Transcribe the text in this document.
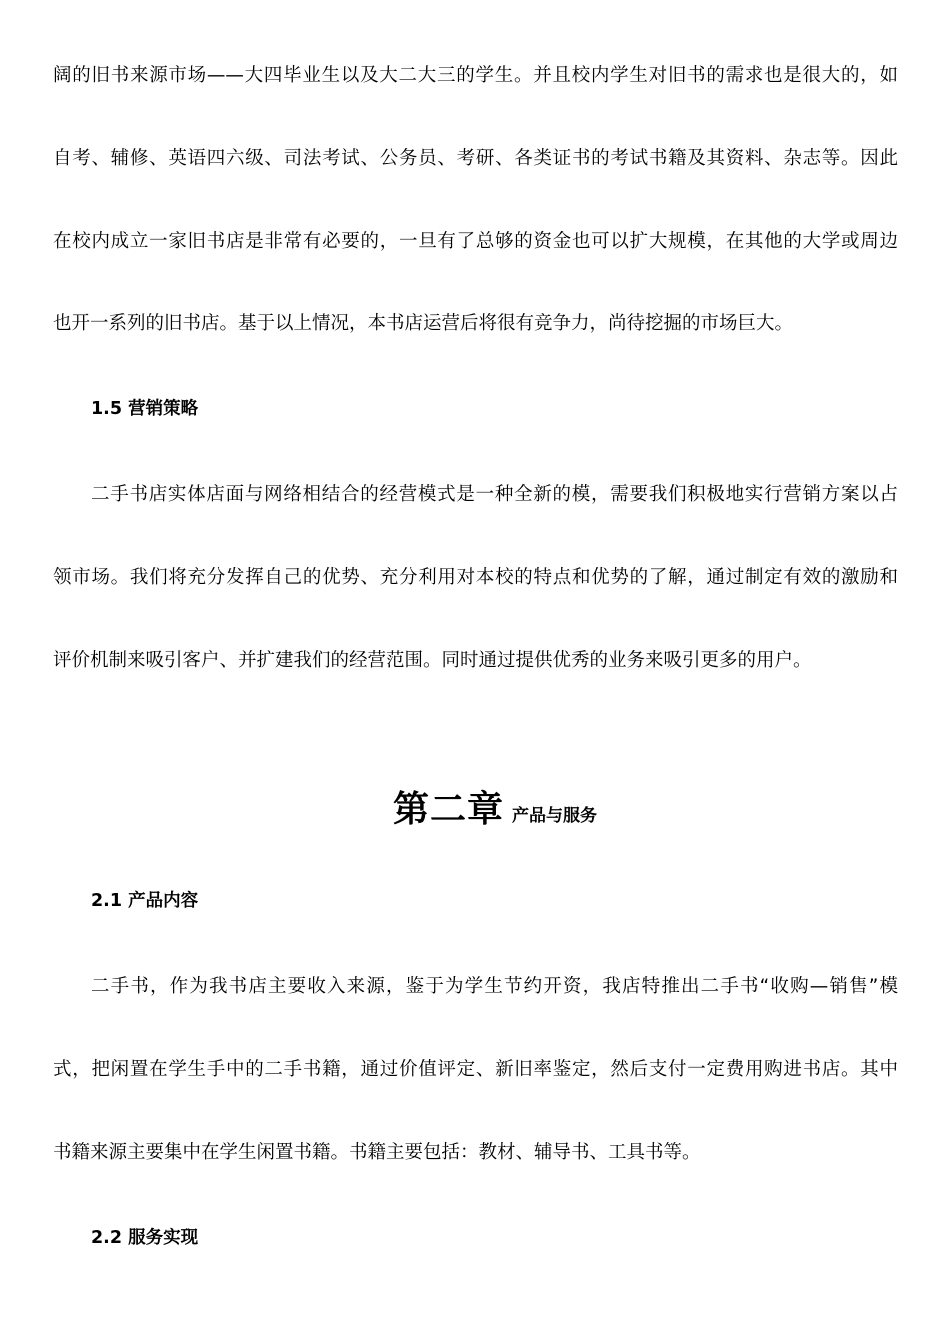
阔的旧书来源市场——大四毕业生以及大二大三的学生。并且校内学生对旧书的需求也是很大的，如
自考、辅修、英语四六级、司法考试、公务员、考研、各类证书的考试书籍及其资料、杂志等。因此
在校内成立一家旧书店是非常有必要的，一旦有了总够的资金也可以扩大规模，在其他的大学或周边
也开一系列的旧书店。基于以上情况，本书店运营后将很有竞争力，尚待挖掘的市场巨大。
1.5 营销策略
二手书店实体店面与网络相结合的经营模式是一种全新的模，需要我们积极地实行营销方案以占
领市场。我们将充分发挥自己的优势、充分利用对本校的特点和优势的了解，通过制定有效的激励和
评价机制来吸引客户、并扩建我们的经营范围。同时通过提供优秀的业务来吸引更多的用户。
第二章 产品与服务
2.1 产品内容
二手书，作为我书店主要收入来源，鉴于为学生节约开资，我店特推出二手书“收购—销售”模
式，把闲置在学生手中的二手书籍，通过价值评定、新旧率鉴定，然后支付一定费用购进书店。其中
书籍来源主要集中在学生闲置书籍。书籍主要包括：教材、辅导书、工具书等。
2.2 服务实现
